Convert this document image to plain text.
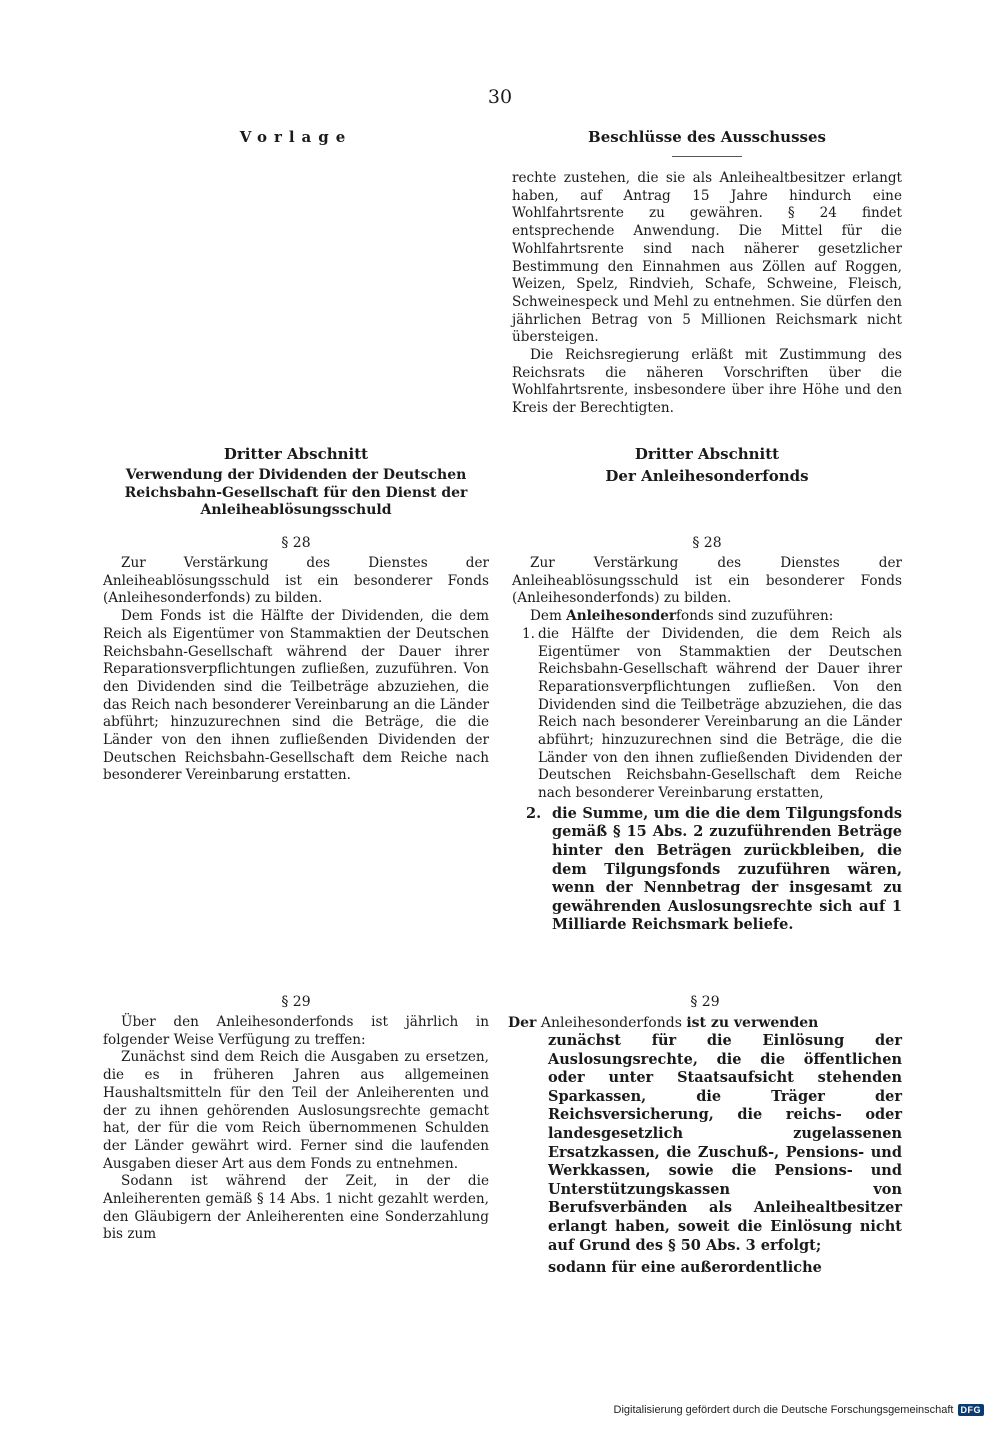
30
Vorlage
Dritter Abschnitt
Verwendung der Dividenden der Deutschen Reichsbahn-Gesellschaft für den Dienst der Anleiheablösungsschuld
§ 28

Zur Verstärkung des Dienstes der Anleiheablösungsschuld ist ein besonderer Fonds (Anleihesonderfonds) zu bilden.

Dem Fonds ist die Hälfte der Dividenden, die dem Reich als Eigentümer von Stammaktien der Deutschen Reichsbahn-Gesellschaft während der Dauer ihrer Reparationsverpflichtungen zufließen, zuzuführen. Von den Dividenden sind die Teilbeträge abzuziehen, die das Reich nach besonderer Vereinbarung an die Länder abführt; hinzuzurechnen sind die Beträge, die die Länder von den ihnen zufließenden Dividenden der Deutschen Reichsbahn-Gesellschaft dem Reiche nach besonderer Vereinbarung erstatten.

§ 29

Über den Anleihesonderfonds ist jährlich in folgender Weise Verfügung zu treffen:

Zunächst sind dem Reich die Ausgaben zu ersetzen, die es in früheren Jahren aus allgemeinen Haushaltsmitteln für den Teil der Anleiherenten und der zu ihnen gehörenden Auslosungsrechte gemacht hat, der für die vom Reich übernommenen Schulden der Länder gewährt wird. Ferner sind die laufenden Ausgaben dieser Art aus dem Fonds zu entnehmen.

Sodann ist während der Zeit, in der die Anleiherenten gemäß § 14 Abs. 1 nicht gezahlt werden, den Gläubigern der Anleiherenten eine Sonderzahlung bis zum

Beschlüsse des Ausschusses

rechte zustehen, die sie als Anleihealtbesitzer erlangt haben, auf Antrag 15 Jahre hindurch eine Wohlfahrtsrente zu gewähren. § 24 findet entsprechende Anwendung. Die Mittel für die Wohlfahrtsrente sind nach näherer gesetzlicher Bestimmung den Einnahmen aus Zöllen auf Roggen, Weizen, Spelz, Rindvieh, Schafe, Schweine, Fleisch, Schweinespeck und Mehl zu entnehmen. Sie dürfen den jährlichen Betrag von 5 Millionen Reichsmark nicht übersteigen.

Die Reichsregierung erläßt mit Zustimmung des Reichsrats die näheren Vorschriften über die Wohlfahrtsrente, insbesondere über ihre Höhe und den Kreis der Berechtigten.

Dritter Abschnitt
Der Anleihesonderfonds
§ 28

Zur Verstärkung des Dienstes der Anleiheablösungsschuld ist ein besonderer Fonds (Anleihesonderfonds) zu bilden.

Dem Anleihesonderfonds sind zuzuführen:

1. die Hälfte der Dividenden, die dem Reich als Eigentümer von Stammaktien der Deutschen Reichsbahn-Gesellschaft während der Dauer ihrer Reparationsverpflichtungen zufließen. Von den Dividenden sind die Teilbeträge abzuziehen, die das Reich nach besonderer Vereinbarung an die Länder abführt; hinzuzurechnen sind die Beträge, die die Länder von den ihnen zufließenden Dividenden der Deutschen Reichsbahn-Gesellschaft dem Reiche nach besonderer Vereinbarung erstatten,
2. die Summe, um die die dem Tilgungsfonds gemäß § 15 Abs. 2 zuzuführenden Beträge hinter den Beträgen zurückbleiben, die dem Tilgungsfonds zuzuführen wären, wenn der Nennbetrag der insgesamt zu gewährenden Auslosungsrechte sich auf 1 Milliarde Reichsmark beliefe.
§ 29
Der Anleihesonderfonds ist zu verwenden
zunächst für die Einlösung der Auslosungsrechte, die die öffentlichen oder unter Staatsaufsicht stehenden Sparkassen, die Träger der Reichsversicherung, die reichs- oder landesgesetzlich zugelassenen Ersatzkassen, die Zuschuß-, Pensions- und Werkkassen, sowie die Pensions- und Unterstützungskassen von Berufsverbänden als Anleihealtbesitzer erlangt haben, soweit die Einlösung nicht auf Grund des § 50 Abs. 3 erfolgt;
sodann für eine außerordentliche
Digitalisierung gefördert durch die Deutsche Forschungsgemeinschaft DFG
